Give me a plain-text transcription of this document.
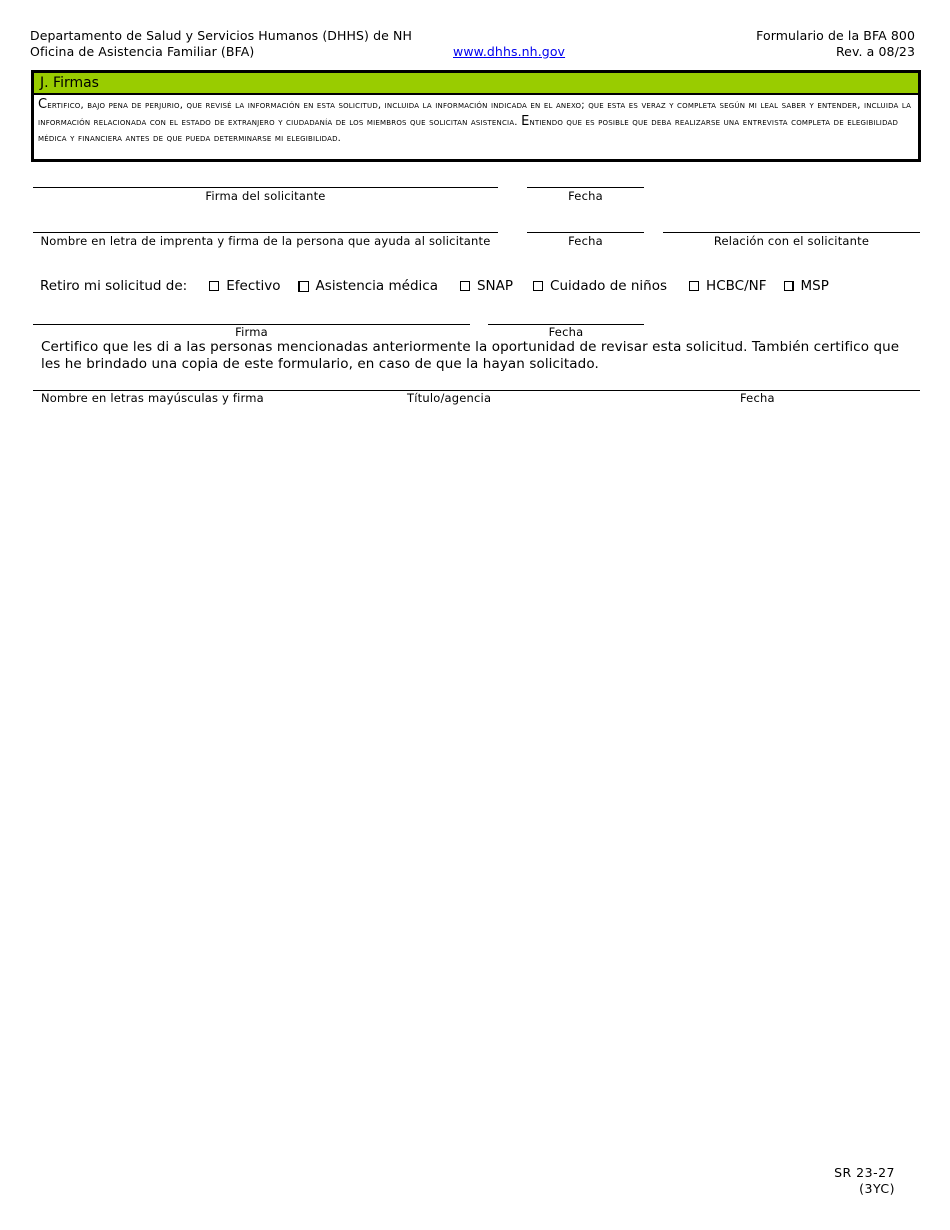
Departamento de Salud y Servicios Humanos (DHHS) de NH
Oficina de Asistencia Familiar (BFA)	www.dhhs.nh.gov
Formulario de la BFA 800
Rev. a 08/23
J. Firmas
Certifico, bajo pena de perjurio, que revisé la información en esta solicitud, incluida la información indicada en el anexo; que esta es veraz y completa según mi leal saber y entender, incluida la información relacionada con el estado de extranjero y ciudadanía de los miembros que solicitan asistencia. Entiendo que es posible que deba realizarse una entrevista completa de elegibilidad médica y financiera antes de que pueda determinarse mi elegibilidad.
Firma del solicitante	Fecha
Nombre en letra de imprenta y firma de la persona que ayuda al solicitante	Fecha	Relación con el solicitante
Retiro mi solicitud de:	Efectivo	Asistencia médica	SNAP	Cuidado de niños	HCBC/NF	MSP
Firma	Fecha
Certifico que les di a las personas mencionadas anteriormente la oportunidad de revisar esta solicitud. También certifico que les he brindado una copia de este formulario, en caso de que la hayan solicitado.
Nombre en letras mayúsculas y firma	Título/agencia	Fecha
SR 23-27
(3YC)
